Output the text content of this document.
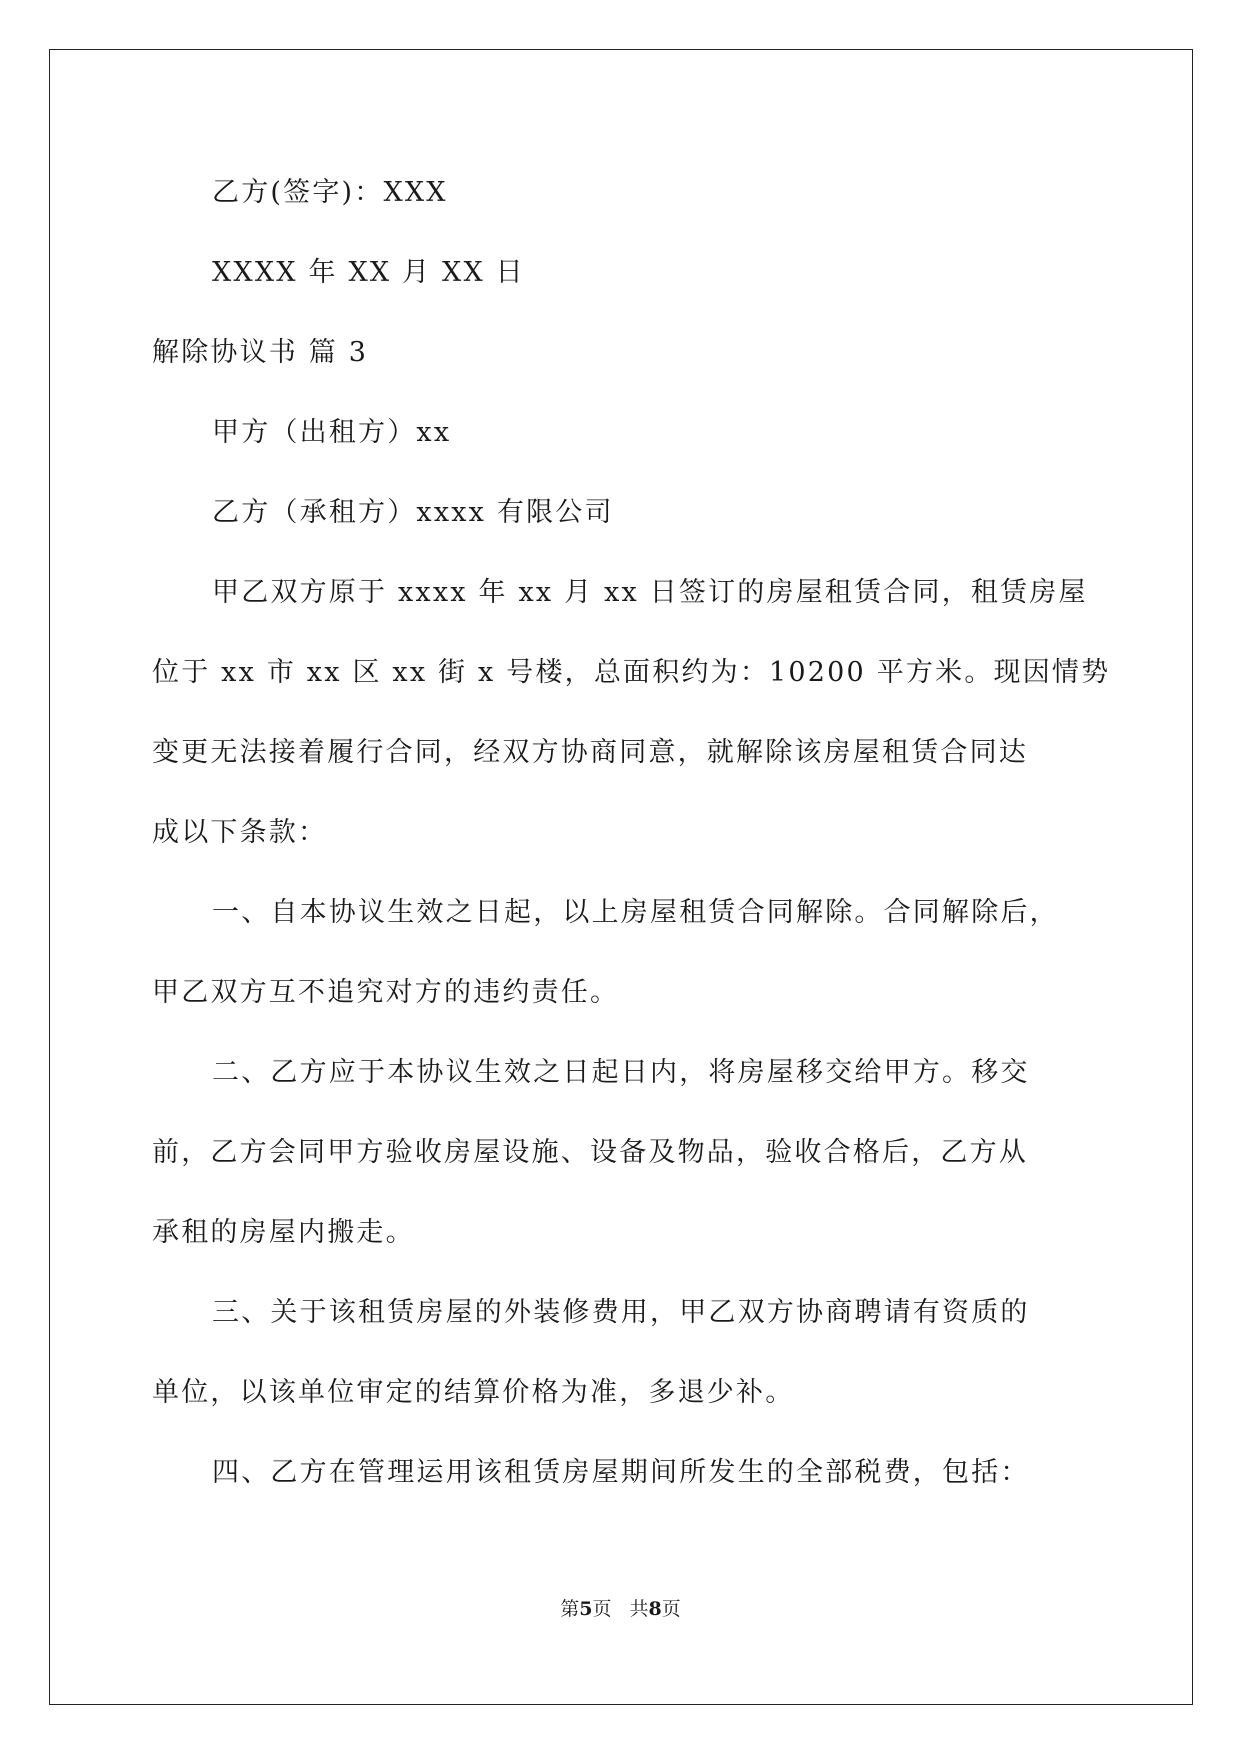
乙方(签字)：XXX
XXXX 年 XX 月 XX 日
解除协议书 篇 3
甲方（出租方）xx
乙方（承租方）xxxx 有限公司
甲乙双方原于 xxxx 年 xx 月 xx 日签订的房屋租赁合同，租赁房屋
位于 xx 市 xx 区 xx 街 x 号楼，总面积约为：10200 平方米。现因情势
变更无法接着履行合同，经双方协商同意，就解除该房屋租赁合同达
成以下条款：
一、自本协议生效之日起，以上房屋租赁合同解除。合同解除后，
甲乙双方互不追究对方的违约责任。
二、乙方应于本协议生效之日起日内，将房屋移交给甲方。移交
前，乙方会同甲方验收房屋设施、设备及物品，验收合格后，乙方从
承租的房屋内搬走。
三、关于该租赁房屋的外装修费用，甲乙双方协商聘请有资质的
单位，以该单位审定的结算价格为准，多退少补。
四、乙方在管理运用该租赁房屋期间所发生的全部税费，包括：
第5页 共8页
